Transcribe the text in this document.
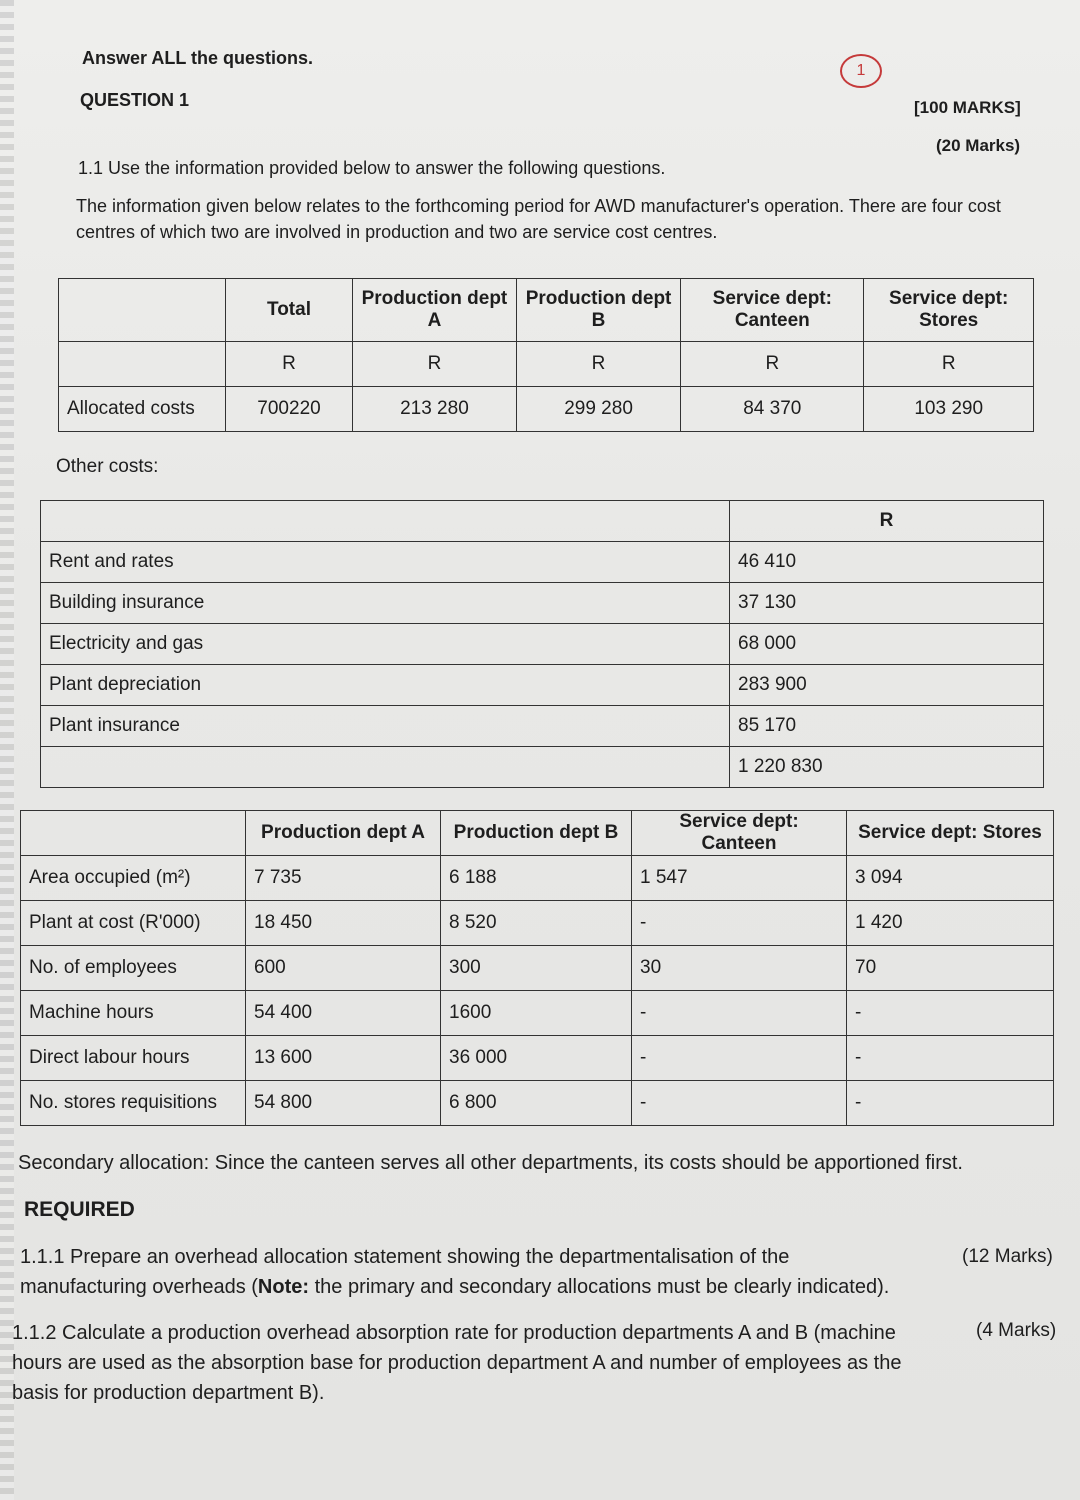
Answer ALL the questions.
QUESTION 1
1
[100 MARKS]
(20 Marks)
1.1 Use the information provided below to answer the following questions.
The information given below relates to the forthcoming period for AWD manufacturer's operation. There are four cost
centres of which two are involved in production and two are service cost centres.
	Total	Production dept A	Production dept B	Service dept: Canteen	Service dept: Stores
	R	R	R	R	R
Allocated costs	700220	213 280	299 280	84 370	103 290
Other costs:
	R
Rent and rates	46 410
Building insurance	37 130
Electricity and gas	68 000
Plant depreciation	283 900
Plant insurance	85 170
	1 220 830
	Production dept A	Production dept B	Service dept: Canteen	Service dept: Stores
Area occupied (m²)	7 735	6 188	1 547	3 094
Plant at cost (R'000)	18 450	8 520	-	1 420
No. of employees	600	300	30	70
Machine hours	54 400	1600	-	-
Direct labour hours	13 600	36 000	-	-
No. stores requisitions	54 800	6 800	-	-
Secondary allocation: Since the canteen serves all other departments, its costs should be apportioned first.
REQUIRED
1.1.1 Prepare an overhead allocation statement showing the departmentalisation of the manufacturing overheads (Note: the primary and secondary allocations must be clearly indicated).
(12 Marks)
1.1.2 Calculate a production overhead absorption rate for production departments A and B (machine hours are used as the absorption base for production department A and number of employees as the basis for production department B).
(4 Marks)
